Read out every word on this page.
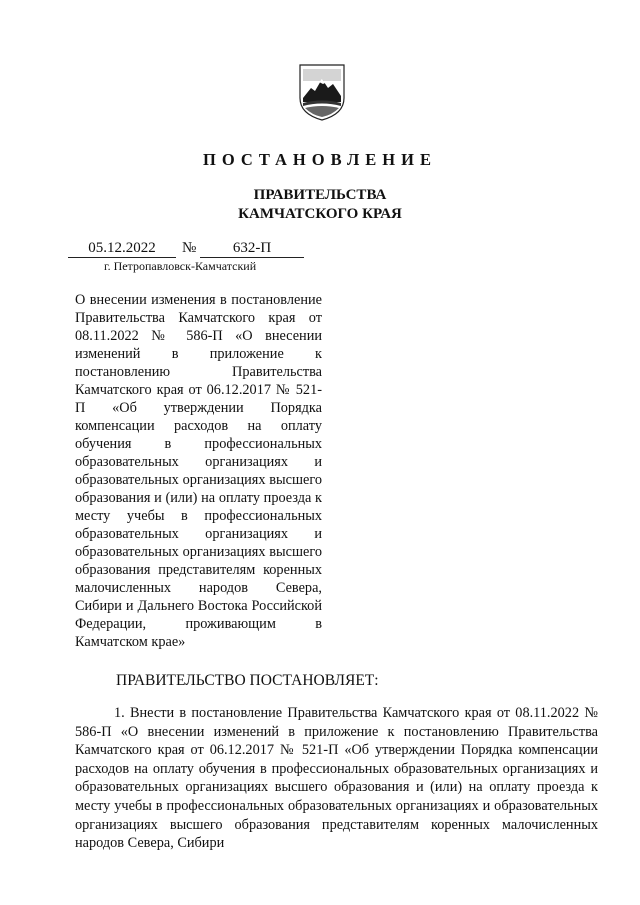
ПОСТАНОВЛЕНИЕ
ПРАВИТЕЛЬСТВА
КАМЧАТСКОГО КРАЯ
05.12.2022	№	632-П
г. Петропавловск-Камчатский
О внесении изменения в постановление Правительства Камчатского края от 08.11.2022 № 586-П «О внесении изменений в приложение к постановлению Правительства Камчатского края от 06.12.2017 № 521-П «Об утверждении Порядка компенсации расходов на оплату обучения в профессиональных образовательных организациях и образовательных организациях высшего образования и (или) на оплату проезда к месту учебы в профессиональных образовательных организациях и образовательных организациях высшего образования представителям коренных малочисленных народов Севера, Сибири и Дальнего Востока Российской Федерации, проживающим в Камчатском крае»
ПРАВИТЕЛЬСТВО ПОСТАНОВЛЯЕТ:
1. Внести в постановление Правительства Камчатского края от 08.11.2022 № 586-П «О внесении изменений в приложение к постановлению Правительства Камчатского края от 06.12.2017 № 521-П «Об утверждении Порядка компенсации расходов на оплату обучения в профессиональных образовательных организациях и образовательных организациях высшего образования и (или) на оплату проезда к месту учебы в профессиональных образовательных организациях и образовательных организациях высшего образования представителям коренных малочисленных народов Севера, Сибири
